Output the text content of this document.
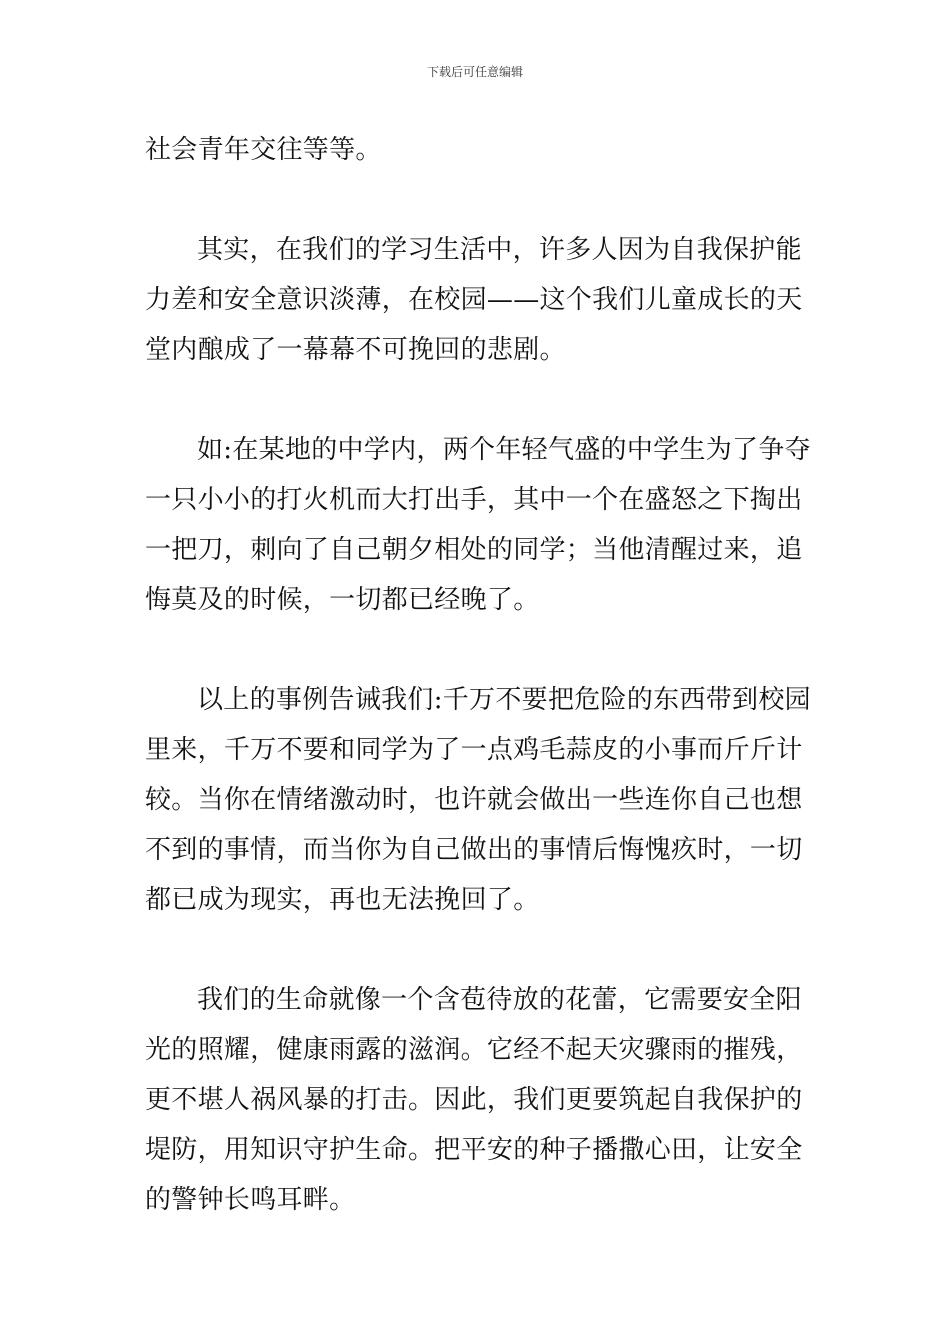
下载后可任意编辑
社会青年交往等等。
其实，在我们的学习生活中，许多人因为自我保护能
力差和安全意识淡薄，在校园——这个我们儿童成长的天
堂内酿成了一幕幕不可挽回的悲剧。
如:在某地的中学内，两个年轻气盛的中学生为了争夺
一只小小的打火机而大打出手，其中一个在盛怒之下掏出
一把刀，刺向了自己朝夕相处的同学；当他清醒过来，追
悔莫及的时候，一切都已经晚了。
以上的事例告诫我们:千万不要把危险的东西带到校园
里来，千万不要和同学为了一点鸡毛蒜皮的小事而斤斤计
较。当你在情绪激动时，也许就会做出一些连你自己也想
不到的事情，而当你为自己做出的事情后悔愧疚时，一切
都已成为现实，再也无法挽回了。
我们的生命就像一个含苞待放的花蕾，它需要安全阳
光的照耀，健康雨露的滋润。它经不起天灾骤雨的摧残，
更不堪人祸风暴的打击。因此，我们更要筑起自我保护的
堤防，用知识守护生命。把平安的种子播撒心田，让安全
的警钟长鸣耳畔。
